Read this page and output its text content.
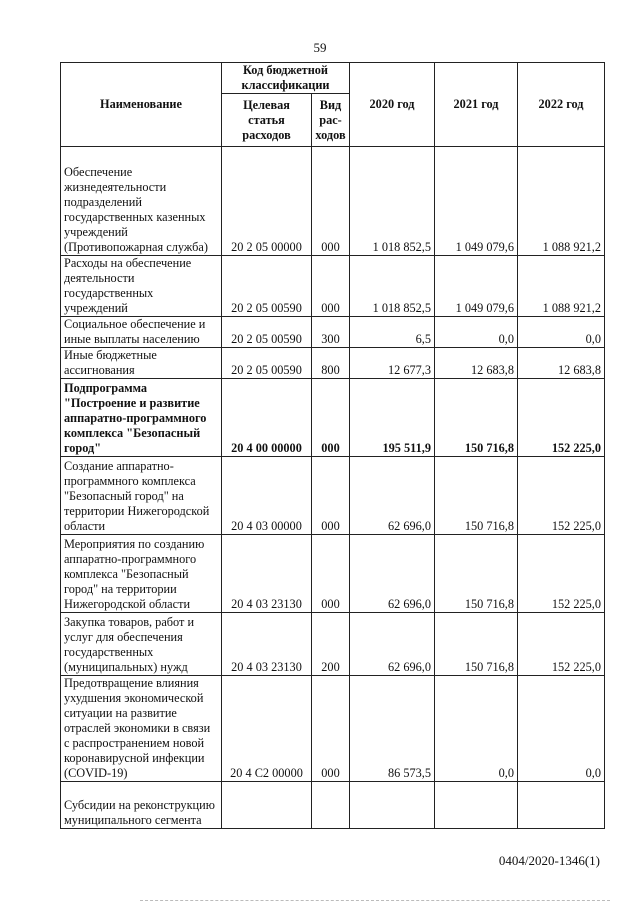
59
Наименование	Код бюджетной классификации		2020 год	2021 год	2022 год
	Целевая статья расходов	Вид рас-ходов			
Обеспечение жизнедеятельности подразделений государственных казенных учреждений (Противопожарная служба)	20 2 05 00000	000	1 018 852,5	1 049 079,6	1 088 921,2
Расходы на обеспечение деятельности государственных учреждений	20 2 05 00590	000	1 018 852,5	1 049 079,6	1 088 921,2
Социальное обеспечение и иные выплаты населению	20 2 05 00590	300	6,5	0,0	0,0
Иные бюджетные ассигнования	20 2 05 00590	800	12 677,3	12 683,8	12 683,8
Подпрограмма "Построение и развитие аппаратно-программного комплекса "Безопасный город"	20 4 00 00000	000	195 511,9	150 716,8	152 225,0
Создание аппаратно-программного комплекса "Безопасный город" на территории Нижегородской области	20 4 03 00000	000	62 696,0	150 716,8	152 225,0
Мероприятия по созданию аппаратно-программного комплекса "Безопасный город" на территории Нижегородской области	20 4 03 23130	000	62 696,0	150 716,8	152 225,0
Закупка товаров, работ и услуг для обеспечения государственных (муниципальных) нужд	20 4 03 23130	200	62 696,0	150 716,8	152 225,0
Предотвращение влияния ухудшения экономической ситуации на развитие отраслей экономики в связи с распространением новой коронавирусной инфекции (COVID-19)	20 4 C2 00000	000	86 573,5	0,0	0,0
Субсидии на реконструкцию муниципального сегмента					
0404/2020-1346(1)
